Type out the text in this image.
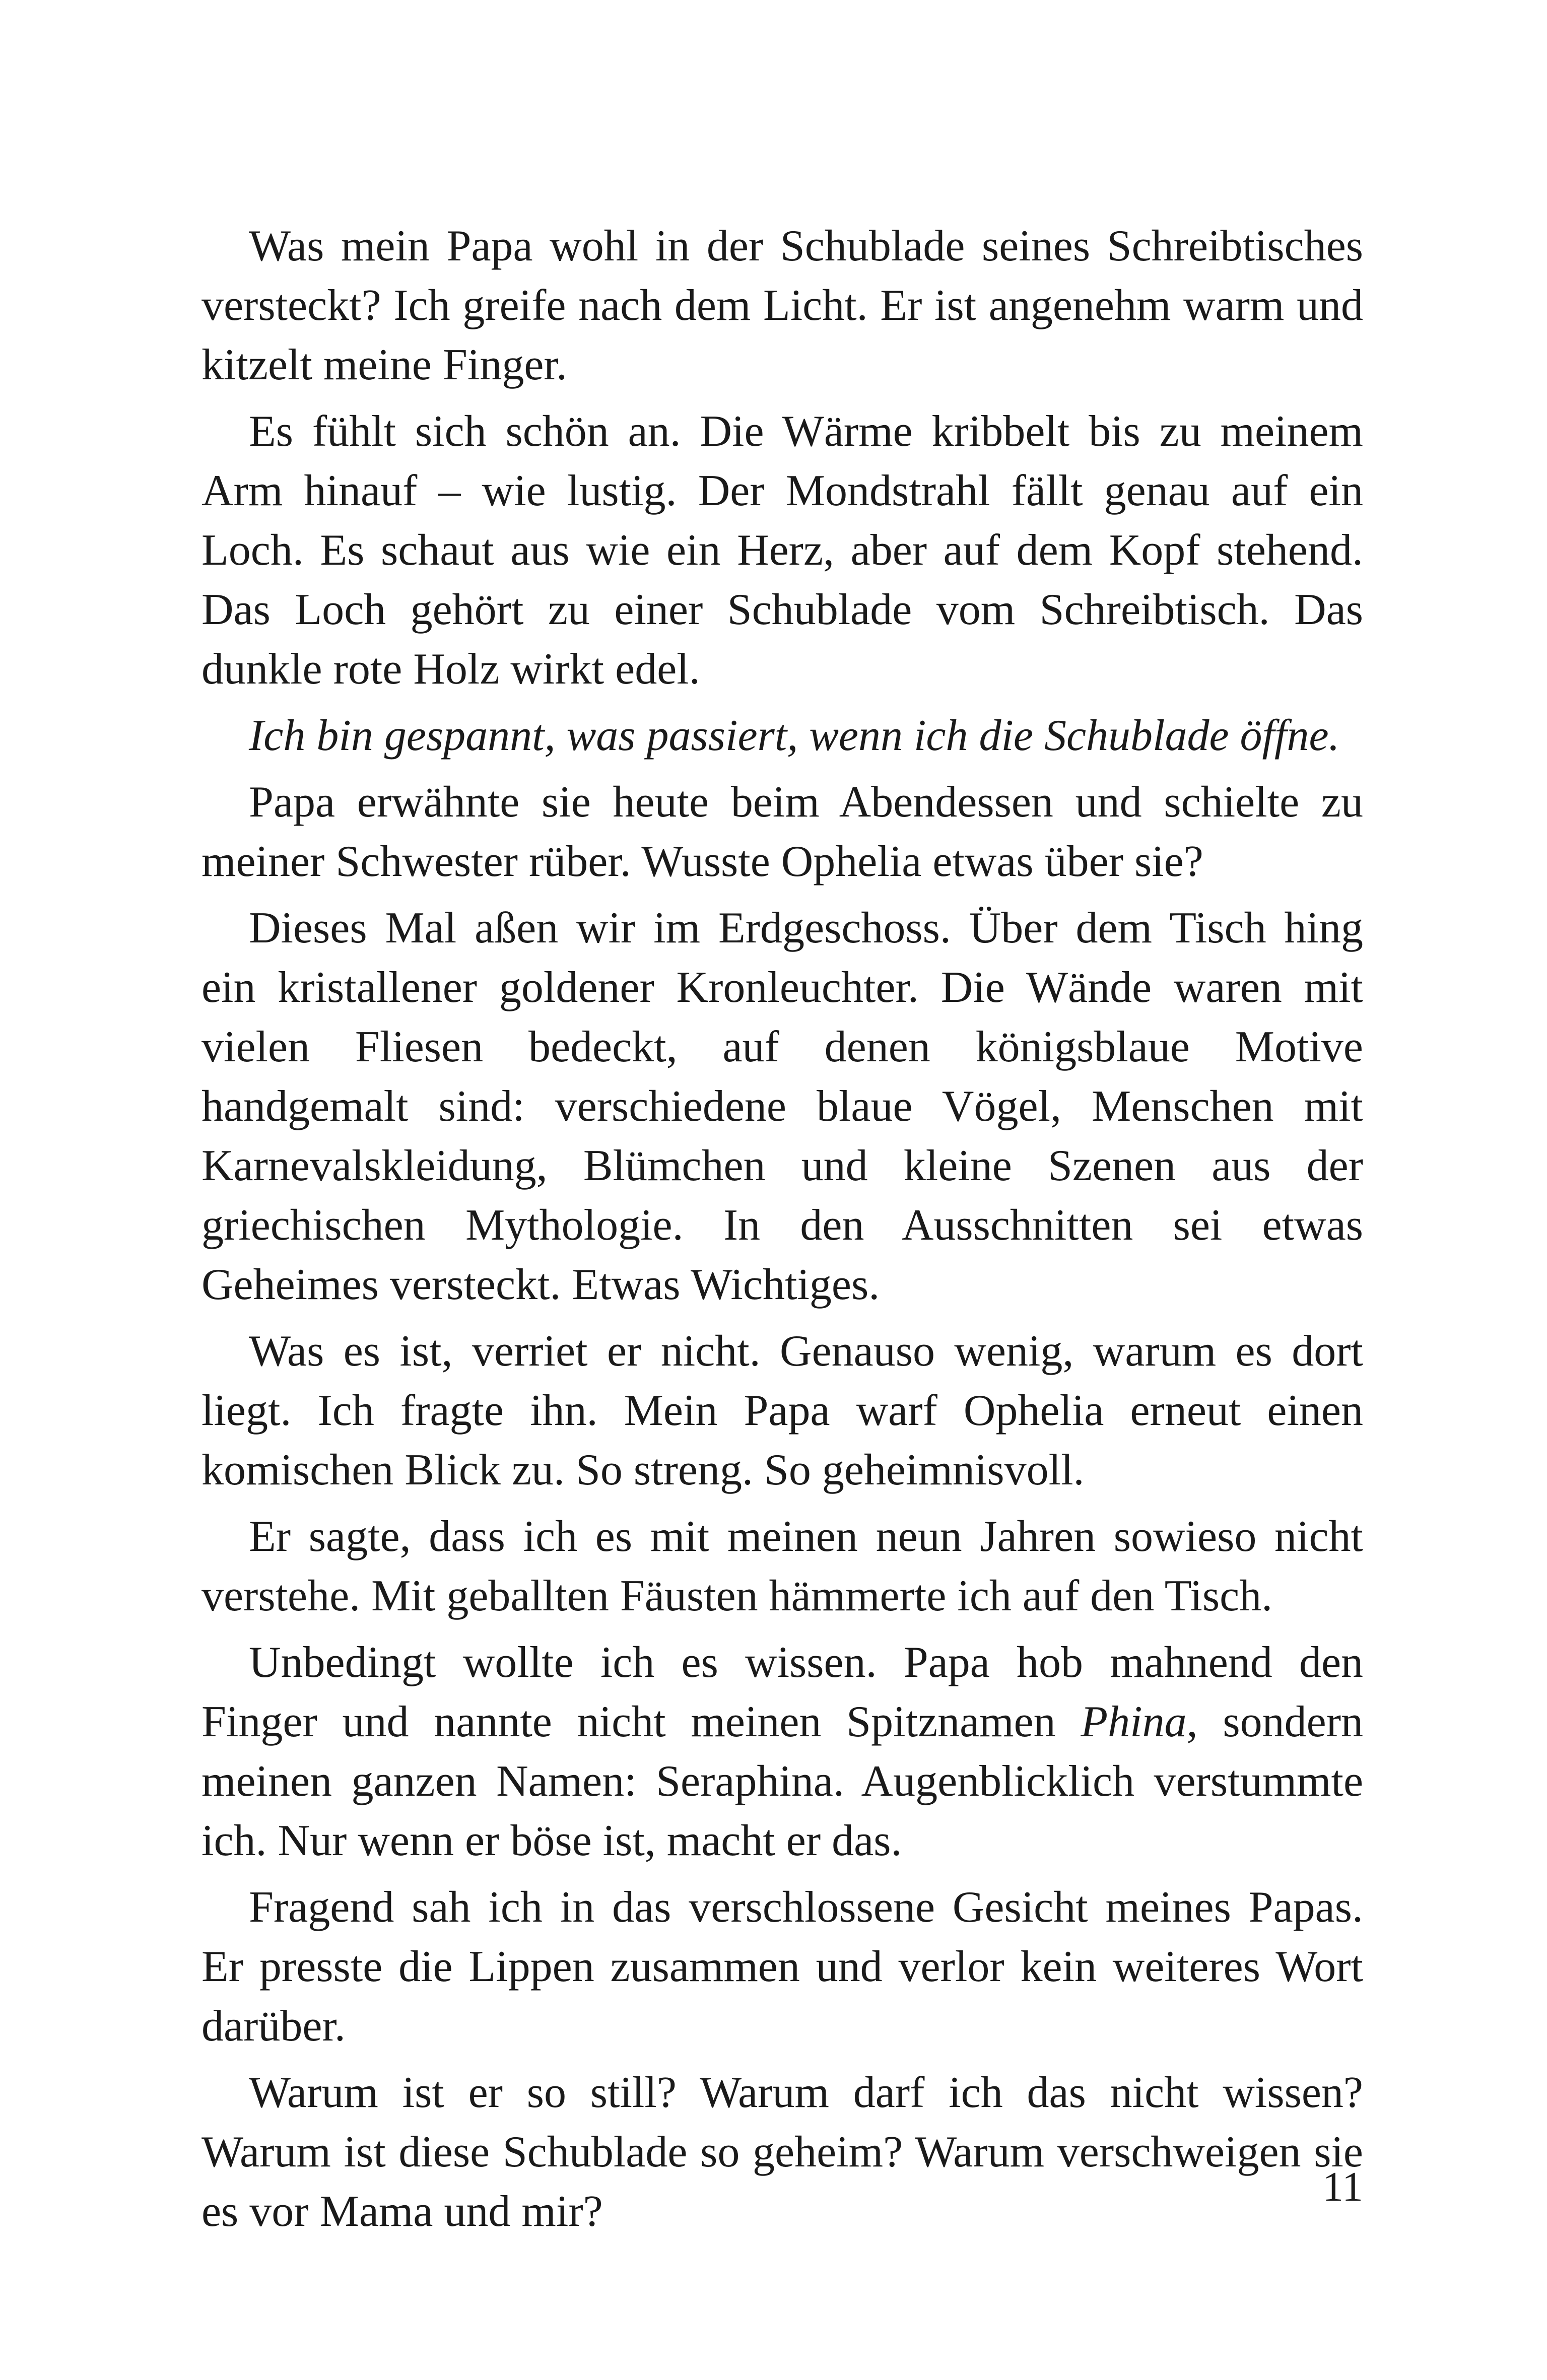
Was mein Papa wohl in der Schublade seines Schreibtisches versteckt? Ich greife nach dem Licht. Er ist angenehm warm und kitzelt meine Finger.

Es fühlt sich schön an. Die Wärme kribbelt bis zu meinem Arm hinauf – wie lustig. Der Mondstrahl fällt genau auf ein Loch. Es schaut aus wie ein Herz, aber auf dem Kopf stehend. Das Loch gehört zu einer Schublade vom Schreibtisch. Das dunkle rote Holz wirkt edel.

Ich bin gespannt, was passiert, wenn ich die Schublade öffne.

Papa erwähnte sie heute beim Abendessen und schielte zu meiner Schwester rüber. Wusste Ophelia etwas über sie?

Dieses Mal aßen wir im Erdgeschoss. Über dem Tisch hing ein kristallener goldener Kronleuchter. Die Wände waren mit vielen Fliesen bedeckt, auf denen königsblaue Motive handgemalt sind: verschiedene blaue Vögel, Menschen mit Karnevalskleidung, Blümchen und kleine Szenen aus der griechischen Mythologie. In den Ausschnitten sei etwas Geheimes versteckt. Etwas Wichtiges.

Was es ist, verriet er nicht. Genauso wenig, warum es dort liegt. Ich fragte ihn. Mein Papa warf Ophelia erneut einen komischen Blick zu. So streng. So geheimnisvoll.

Er sagte, dass ich es mit meinen neun Jahren sowieso nicht verstehe. Mit geballten Fäusten hämmerte ich auf den Tisch.

Unbedingt wollte ich es wissen. Papa hob mahnend den Finger und nannte nicht meinen Spitznamen Phina, sondern meinen ganzen Namen: Seraphina. Augenblicklich verstummte ich. Nur wenn er böse ist, macht er das.

Fragend sah ich in das verschlossene Gesicht meines Papas. Er presste die Lippen zusammen und verlor kein weiteres Wort darüber.

Warum ist er so still? Warum darf ich das nicht wissen? Warum ist diese Schublade so geheim? Warum verschweigen sie es vor Mama und mir?

11
